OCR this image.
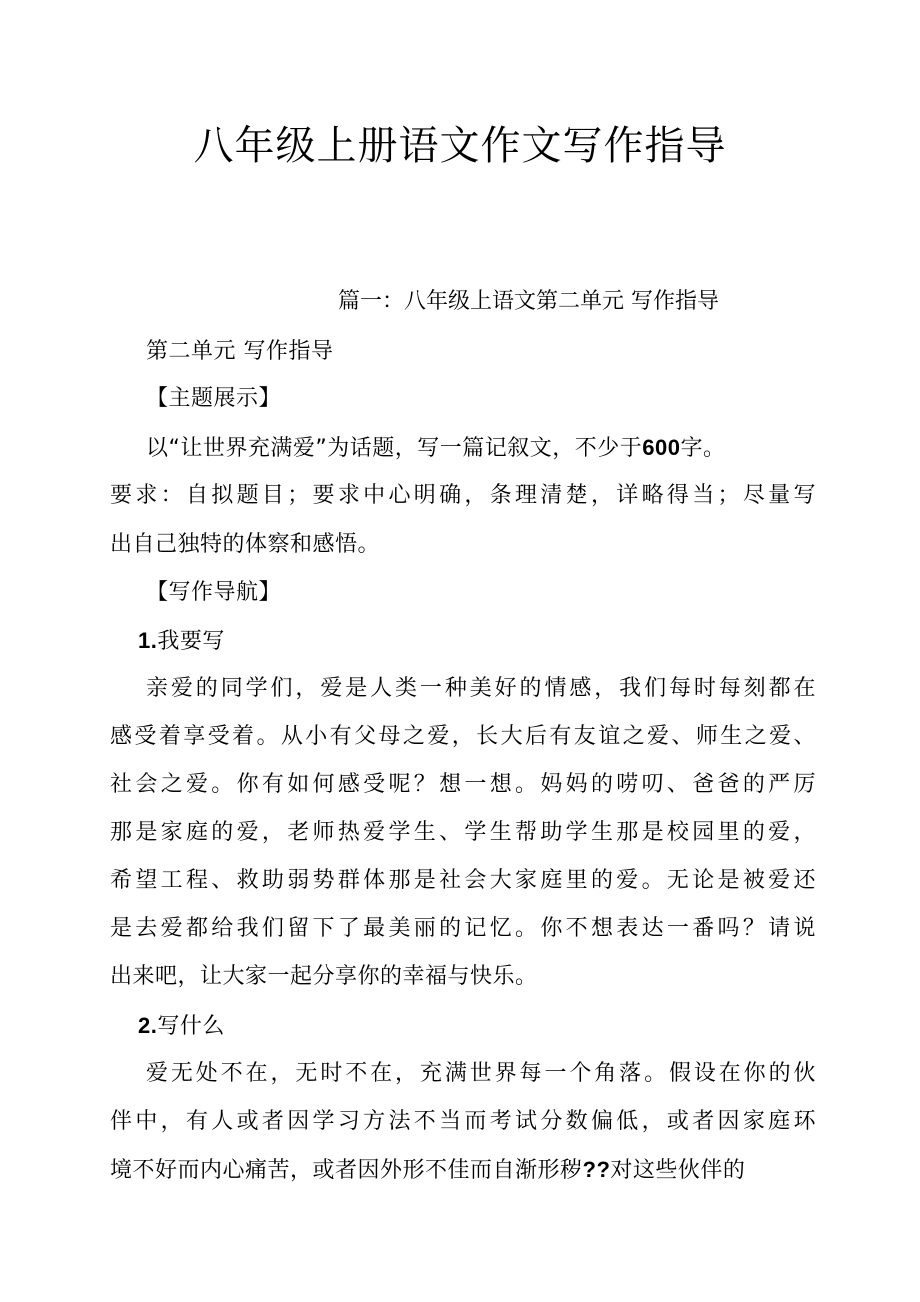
八年级上册语文作文写作指导
篇一：八年级上语文第二单元 写作指导
第二单元 写作指导
【主题展示】
以“让世界充满爱”为话题，写一篇记叙文，不少于600字。
要求：自拟题目；要求中心明确，条理清楚，详略得当；尽量写
出自己独特的体察和感悟。
【写作导航】
1.我要写
亲爱的同学们，爱是人类一种美好的情感，我们每时每刻都在
感受着享受着。从小有父母之爱，长大后有友谊之爱、师生之爱、
社会之爱。你有如何感受呢？想一想。妈妈的唠叨、爸爸的严厉
那是家庭的爱，老师热爱学生、学生帮助学生那是校园里的爱，
希望工程、救助弱势群体那是社会大家庭里的爱。无论是被爱还
是去爱都给我们留下了最美丽的记忆。你不想表达一番吗？请说
出来吧，让大家一起分享你的幸福与快乐。
2.写什么
爱无处不在，无时不在，充满世界每一个角落。假设在你的伙
伴中，有人或者因学习方法不当而考试分数偏低，或者因家庭环
境不好而内心痛苦，或者因外形不佳而自渐形秽??对这些伙伴的
